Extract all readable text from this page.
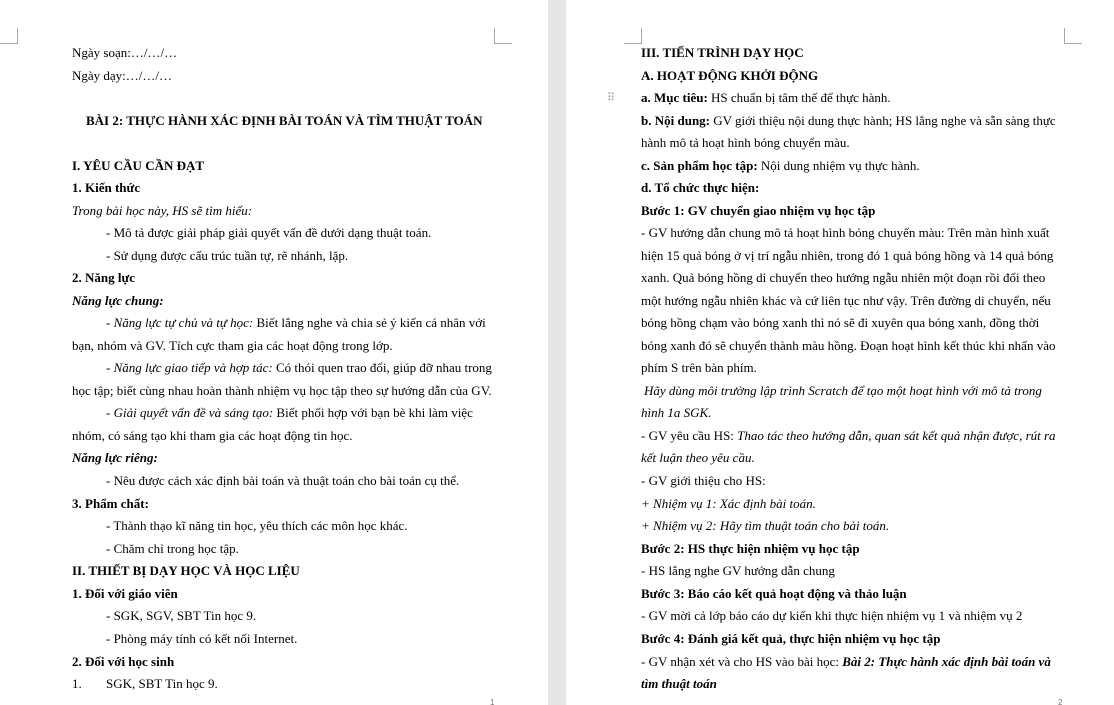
Ngày soạn:…/…/…
Ngày dạy:…/…/…
BÀI 2: THỰC HÀNH XÁC ĐỊNH BÀI TOÁN VÀ TÌM THUẬT TOÁN
I. YÊU CẦU CẦN ĐẠT
1. Kiến thức
Trong bài học này, HS sẽ tìm hiểu:
- Mô tả được giải pháp giải quyết vấn đề dưới dạng thuật toán.
- Sử dụng được cấu trúc tuần tự, rẽ nhánh, lặp.
2. Năng lực
Năng lực chung:
- Năng lực tự chủ và tự học: Biết lắng nghe và chia sẻ ý kiến cá nhân với
bạn, nhóm và GV. Tích cực tham gia các hoạt động trong lớp.
- Năng lực giao tiếp và hợp tác: Có thói quen trao đổi, giúp đỡ nhau trong
học tập; biết cùng nhau hoàn thành nhiệm vụ học tập theo sự hướng dẫn của GV.
- Giải quyết vấn đề và sáng tạo: Biết phối hợp với bạn bè khi làm việc
nhóm, có sáng tạo khi tham gia các hoạt động tin học.
Năng lực riêng:
- Nêu được cách xác định bài toán và thuật toán cho bài toán cụ thể.
3. Phẩm chất:
- Thành thạo kĩ năng tin học, yêu thích các môn học khác.
- Chăm chỉ trong học tập.
II. THIẾT BỊ DẠY HỌC VÀ HỌC LIỆU
1. Đối với giáo viên
- SGK, SGV, SBT Tin học 9.
- Phòng máy tính có kết nối Internet.
2. Đối với học sinh
1. SGK, SBT Tin học 9.
1
III. TIẾN TRÌNH DẠY HỌC
A. HOẠT ĐỘNG KHỞI ĐỘNG
a. Mục tiêu: HS chuẩn bị tâm thế để thực hành.
b. Nội dung: GV giới thiệu nội dung thực hành; HS lắng nghe và sẵn sàng thực
hành mô tả hoạt hình bóng chuyển màu.
c. Sản phẩm học tập: Nội dung nhiệm vụ thực hành.
d. Tổ chức thực hiện:
Bước 1: GV chuyển giao nhiệm vụ học tập
- GV hướng dẫn chung mô tả hoạt hình bóng chuyển màu: Trên màn hình xuất
hiện 15 quả bóng ở vị trí ngẫu nhiên, trong đó 1 quả bóng hồng và 14 quả bóng
xanh. Quả bóng hồng di chuyển theo hướng ngẫu nhiên một đoạn rồi đổi theo
một hướng ngẫu nhiên khác và cứ liên tục như vậy. Trên đường di chuyển, nếu
bóng hồng chạm vào bóng xanh thì nó sẽ đi xuyên qua bóng xanh, đồng thời
bóng xanh đó sẽ chuyển thành màu hồng. Đoạn hoạt hình kết thúc khi nhấn vào
phím S trên bàn phím.
Hãy dùng môi trường lập trình Scratch để tạo một hoạt hình với mô tả trong
hình 1a SGK.
- GV yêu cầu HS: Thao tác theo hướng dẫn, quan sát kết quả nhận được, rút ra
kết luận theo yêu cầu.
- GV giới thiệu cho HS:
+ Nhiệm vụ 1: Xác định bài toán.
+ Nhiệm vụ 2: Hãy tìm thuật toán cho bài toán.
Bước 2: HS thực hiện nhiệm vụ học tập
- HS lắng nghe GV hướng dẫn chung
Bước 3: Báo cáo kết quả hoạt động và thảo luận
- GV mời cả lớp báo cáo dự kiến khi thực hiện nhiệm vụ 1 và nhiệm vụ 2
Bước 4: Đánh giá kết quả, thực hiện nhiệm vụ học tập
- GV nhận xét và cho HS vào bài học: Bài 2: Thực hành xác định bài toán và
tìm thuật toán
2
⠿
